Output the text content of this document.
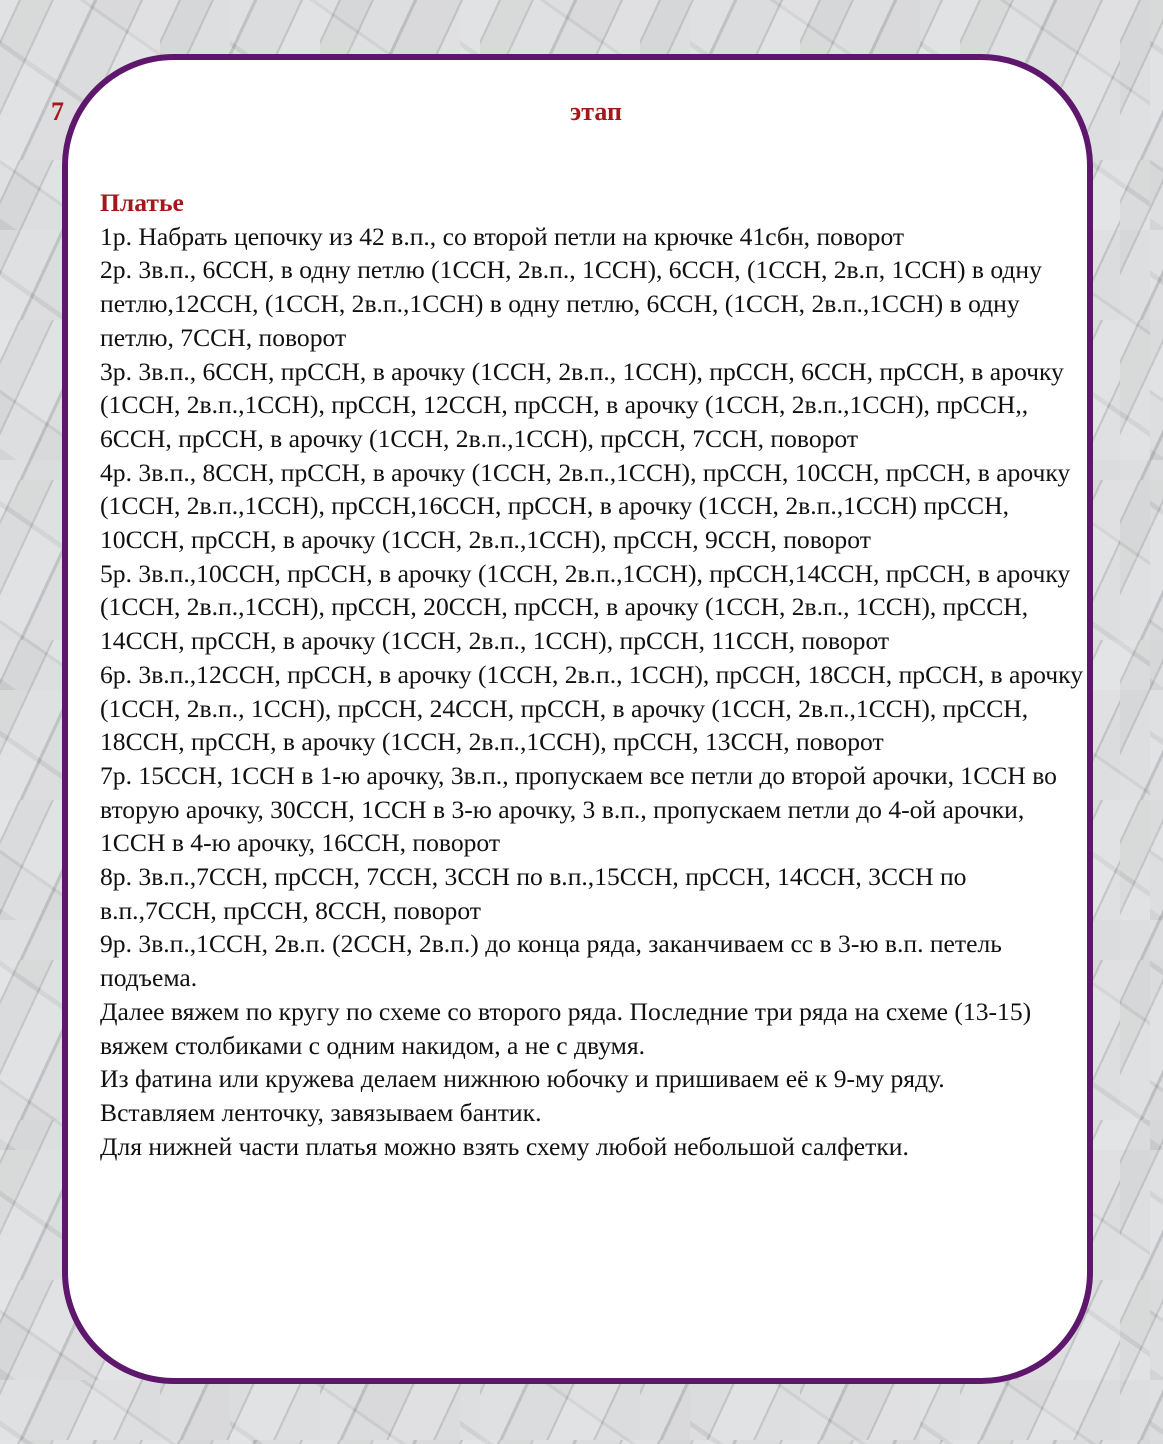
7	этап
Платье

1р. Набрать цепочку из 42 в.п., со второй петли на крючке 41сбн, поворот

2р. 3в.п., 6ССН, в одну петлю (1ССН, 2в.п., 1ССН), 6ССН, (1ССН, 2в.п, 1ССН) в одну петлю,12ССН, (1ССН, 2в.п.,1ССН) в одну петлю, 6ССН, (1ССН, 2в.п.,1ССН) в одну петлю, 7ССН, поворот

3р. 3в.п., 6ССН, прССН, в арочку (1ССН, 2в.п., 1ССН), прССН, 6ССН, прССН, в арочку (1ССН, 2в.п.,1ССН), прССН, 12ССН, прССН, в арочку (1ССН, 2в.п.,1ССН), прССН,, 6ССН, прССН, в арочку (1ССН, 2в.п.,1ССН), прССН, 7ССН, поворот

4р. 3в.п., 8ССН, прССН, в арочку (1ССН, 2в.п.,1ССН), прССН, 10ССН, прССН, в арочку (1ССН, 2в.п.,1ССН), прССН,16ССН, прССН, в арочку (1ССН, 2в.п.,1ССН) прССН, 10ССН, прССН, в арочку (1ССН, 2в.п.,1ССН), прССН, 9ССН, поворот

5р. 3в.п.,10ССН, прССН, в арочку (1ССН, 2в.п.,1ССН), прССН,14ССН, прССН, в арочку (1ССН, 2в.п.,1ССН), прССН, 20ССН, прССН, в арочку (1ССН, 2в.п., 1ССН), прССН, 14ССН, прССН, в арочку (1ССН, 2в.п., 1ССН), прССН, 11ССН, поворот

6р. 3в.п.,12ССН, прССН, в арочку (1ССН, 2в.п., 1ССН), прССН, 18ССН, прССН, в арочку (1ССН, 2в.п., 1ССН), прССН, 24ССН, прССН, в арочку (1ССН, 2в.п.,1ССН), прССН, 18ССН, прССН, в арочку (1ССН, 2в.п.,1ССН), прССН, 13ССН, поворот

7р. 15ССН, 1ССН в 1-ю арочку, 3в.п., пропускаем все петли до второй арочки, 1ССН во вторую арочку, 30ССН, 1ССН в 3-ю арочку, 3 в.п., пропускаем петли до 4-ой арочки, 1ССН в 4-ю арочку, 16ССН, поворот

8р. 3в.п.,7ССН, прССН, 7ССН, 3ССН по в.п.,15ССН, прССН, 14ССН, 3ССН по в.п.,7ССН, прССН, 8ССН, поворот

9р. 3в.п.,1ССН, 2в.п. (2ССН, 2в.п.) до конца ряда, заканчиваем сс в 3-ю в.п. петель подъема.

Далее вяжем по кругу по схеме со второго ряда. Последние три ряда на схеме (13-15) вяжем столбиками с одним накидом, а не с двумя.

Из фатина или кружева делаем нижнюю юбочку и пришиваем её к 9-му ряду.

Вставляем ленточку, завязываем бантик.

Для нижней части платья можно взять схему любой небольшой салфетки.
